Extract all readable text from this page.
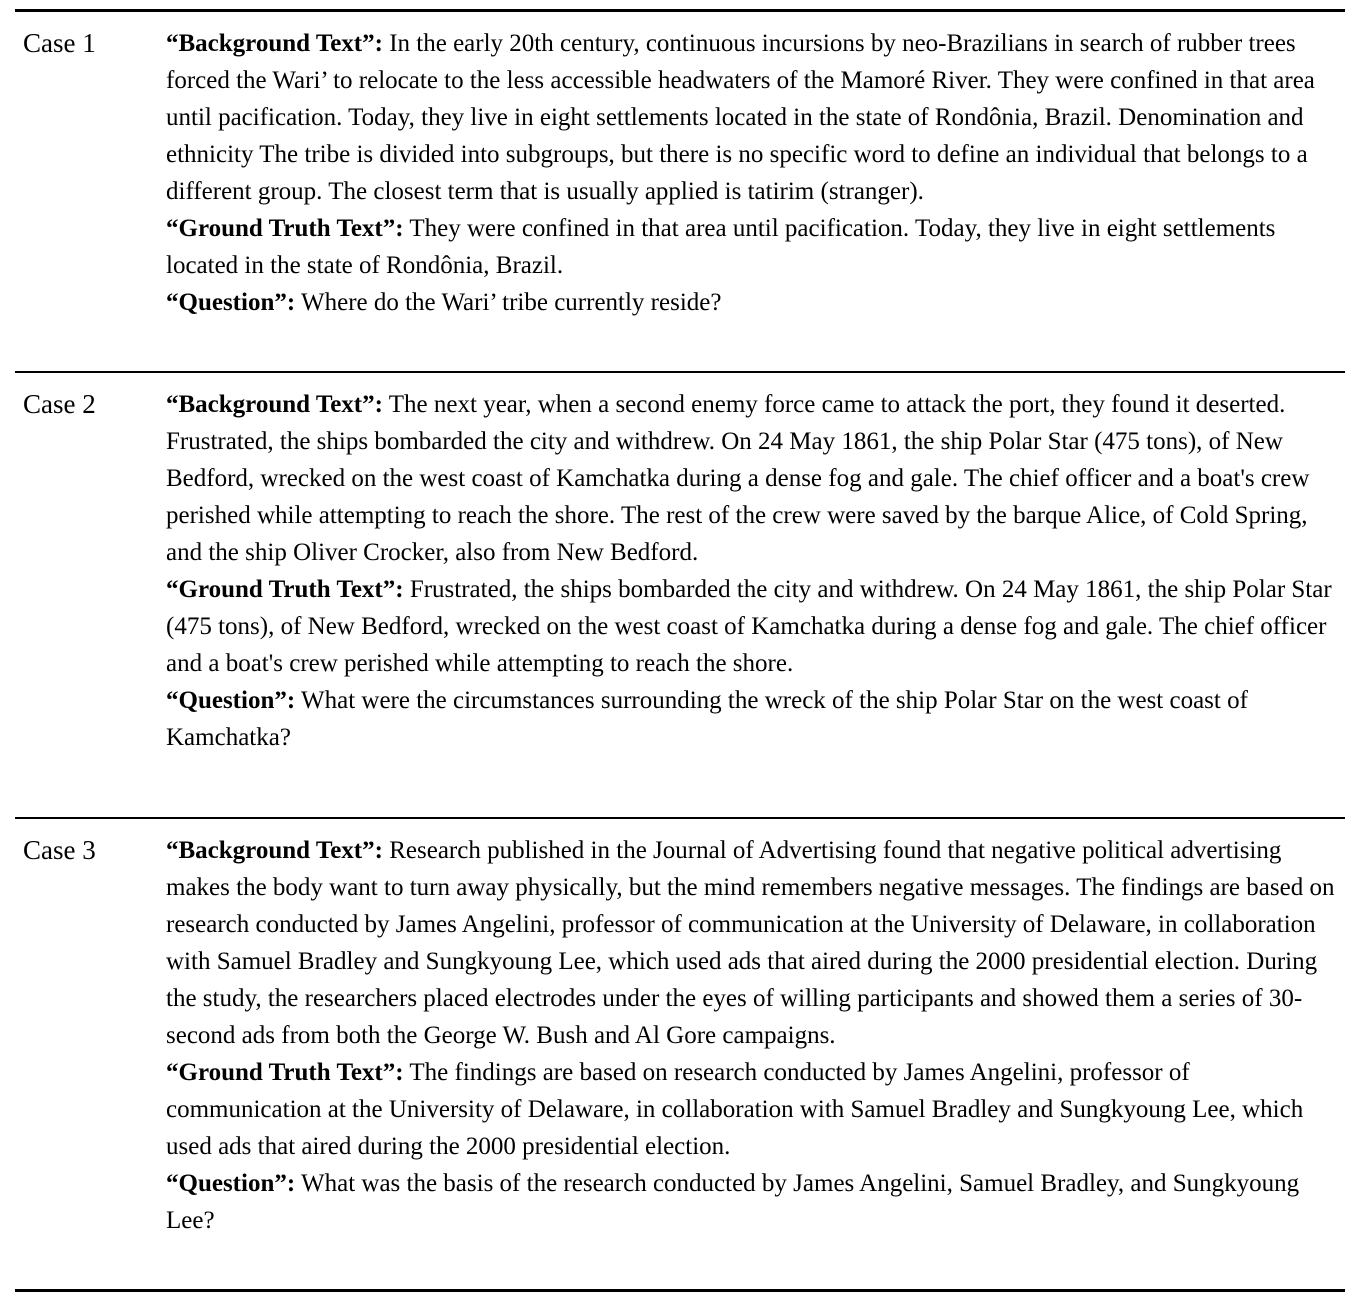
Case 1	“Background Text”: In the early 20th century, continuous incursions by neo-Brazilians in search of rubber trees forced the Wari’ to relocate to the less accessible headwaters of the Mamoré River. They were confined in that area until pacification. Today, they live in eight settlements located in the state of Rondônia, Brazil. Denomination and ethnicity The tribe is divided into subgroups, but there is no specific word to define an individual that belongs to a different group. The closest term that is usually applied is tatirim (stranger).

“Ground Truth Text”: They were confined in that area until pacification. Today, they live in eight settlements located in the state of Rondônia, Brazil.

“Question”: Where do the Wari’ tribe currently reside?

Case 2	“Background Text”: The next year, when a second enemy force came to attack the port, they found it deserted. Frustrated, the ships bombarded the city and withdrew. On 24 May 1861, the ship Polar Star (475 tons), of New Bedford, wrecked on the west coast of Kamchatka during a dense fog and gale. The chief officer and a boat's crew perished while attempting to reach the shore. The rest of the crew were saved by the barque Alice, of Cold Spring, and the ship Oliver Crocker, also from New Bedford.

“Ground Truth Text”: Frustrated, the ships bombarded the city and withdrew. On 24 May 1861, the ship Polar Star (475 tons), of New Bedford, wrecked on the west coast of Kamchatka during a dense fog and gale. The chief officer and a boat's crew perished while attempting to reach the shore.

“Question”: What were the circumstances surrounding the wreck of the ship Polar Star on the west coast of Kamchatka?

Case 3	“Background Text”: Research published in the Journal of Advertising found that negative political advertising makes the body want to turn away physically, but the mind remembers negative messages. The findings are based on research conducted by James Angelini, professor of communication at the University of Delaware, in collaboration with Samuel Bradley and Sungkyoung Lee, which used ads that aired during the 2000 presidential election. During the study, the researchers placed electrodes under the eyes of willing participants and showed them a series of 30-second ads from both the George W. Bush and Al Gore campaigns.

“Ground Truth Text”: The findings are based on research conducted by James Angelini, professor of communication at the University of Delaware, in collaboration with Samuel Bradley and Sungkyoung Lee, which used ads that aired during the 2000 presidential election.

“Question”: What was the basis of the research conducted by James Angelini, Samuel Bradley, and Sungkyoung Lee?
